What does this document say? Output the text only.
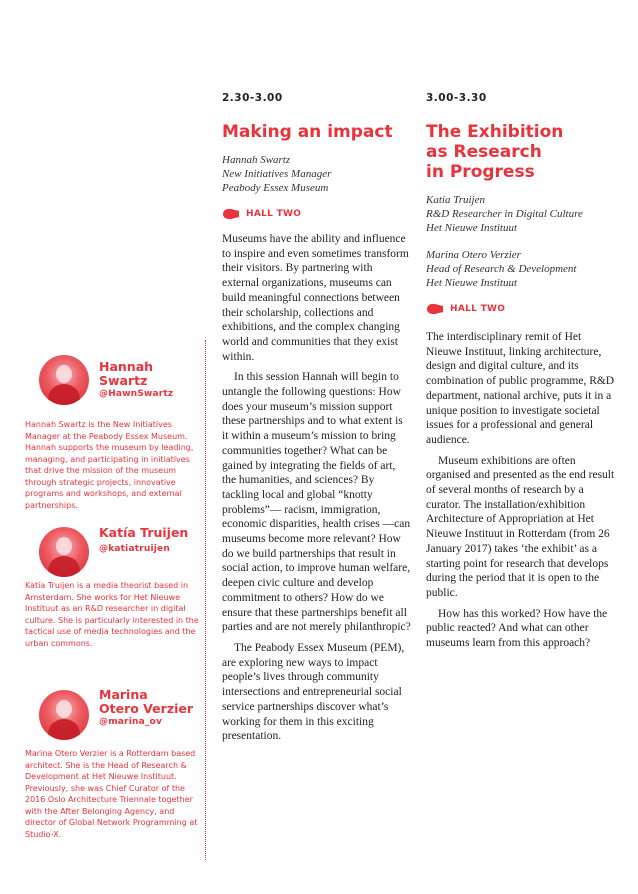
Hannah
Swartz
@HawnSwartz
Hannah Swartz is the New Initiatives Manager at the Peabody Essex Museum. Hannah supports the museum by leading, managing, and participating in initiatives that drive the mission of the museum through strategic projects, innovative programs and workshops, and external partnerships.
Katía Truijen
@katiatruijen
Katía Truijen is a media theorist based in Amsterdam. She works for Het Nieuwe Instituut as an R&D researcher in digital culture. She is particularly interested in the tactical use of media technologies and the urban commons.
Marina
Otero Verzier
@marina_ov
Marina Otero Verzier is a Rotterdam based architect. She is the Head of Research & Development at Het Nieuwe Instituut. Previously, she was Chief Curator of the 2016 Oslo Architecture Triennale together with the After Belonging Agency, and director of Global Network Programming at Studio-X.
2.30-3.00
Making an impact
Hannah Swartz
New Initiatives Manager
Peabody Essex Museum
HALL TWO

Museums have the ability and influence to inspire and even sometimes transform their visitors. By partnering with external organizations, museums can build meaningful connections between their scholarship, collections and exhibitions, and the complex changing world and communities that they exist within.

In this session Hannah will begin to untangle the following questions: How does your museum’s mission support these partnerships and to what extent is it within a museum’s mission to bring communities together? What can be gained by integrating the fields of art, the humanities, and sciences? By tackling local and global “knotty problems”— racism, immigration, economic disparities, health crises —can museums become more relevant? How do we build partnerships that result in social action, to improve human welfare, deepen civic culture and develop commitment to others? How do we ensure that these partnerships benefit all parties and are not merely philanthropic?

The Peabody Essex Museum (PEM), are exploring new ways to impact people’s lives through community intersections and entrepreneurial social service partnerships discover what’s working for them in this exciting presentation.

3.00-3.30
The Exhibition
as Research
in Progress
Katia Truijen
R&D Researcher in Digital Culture
Het Nieuwe Instituut
Marina Otero Verzier
Head of Research & Development
Het Nieuwe Instituut
HALL TWO

The interdisciplinary remit of Het Nieuwe Instituut, linking architecture, design and digital culture, and its combination of public programme, R&D department, national archive, puts it in a unique position to investigate societal issues for a professional and general audience.

Museum exhibitions are often organised and presented as the end result of several months of research by a curator. The installation/exhibition Architecture of Appropriation at Het Nieuwe Instituut in Rotterdam (from 26 January 2017) takes ‘the exhibit’ as a starting point for research that develops during the period that it is open to the public.

How has this worked? How have the public reacted? And what can other museums learn from this approach?
